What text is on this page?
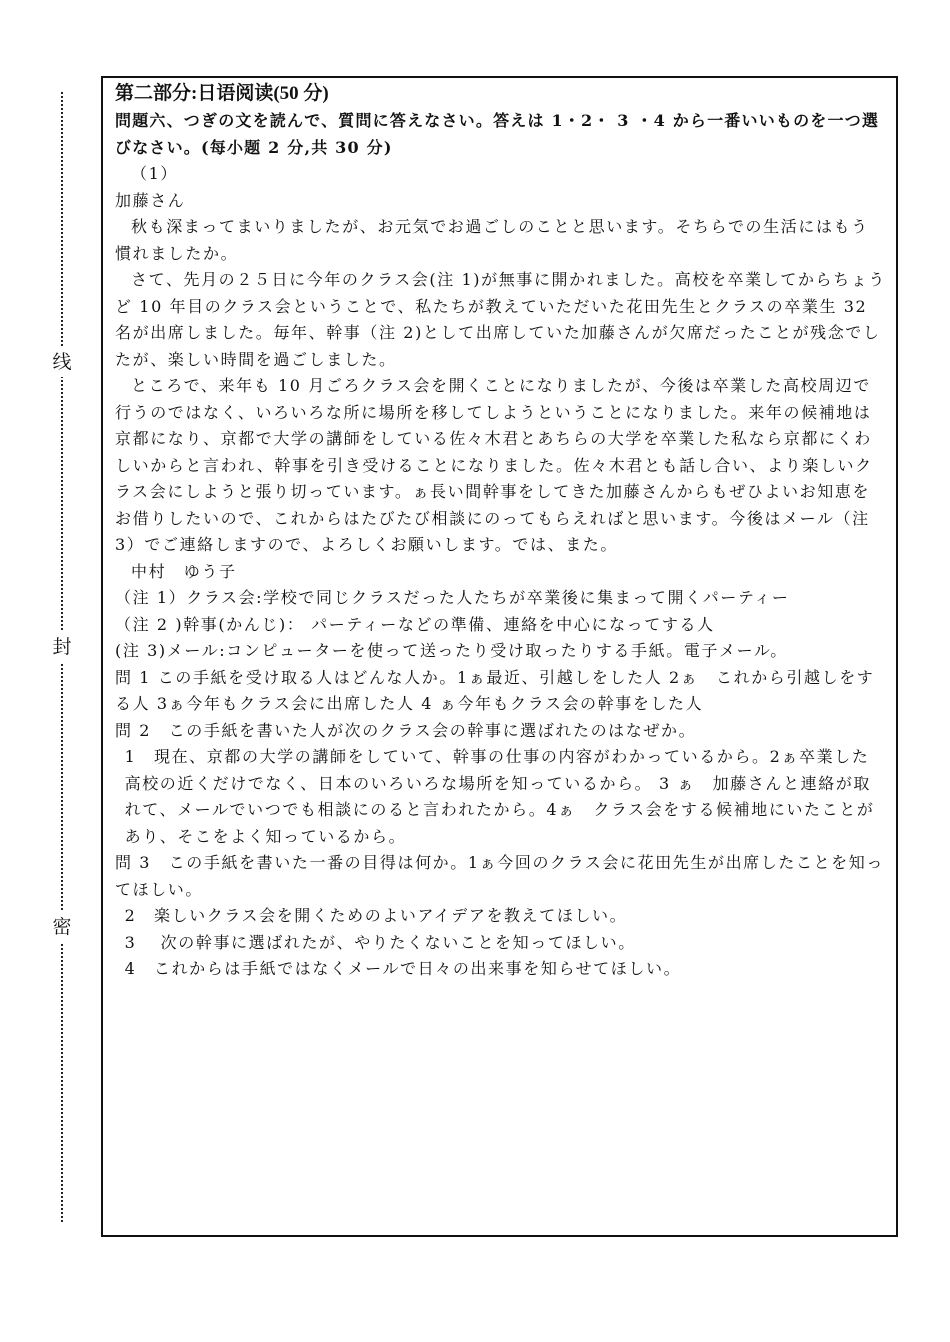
线
封
密

第二部分:日语阅读(50 分)

問題六、つぎの文を読んで、質問に答えなさい。答えは 1・2・ 3 ・4 から一番いいものを一つ選びなさい。(每小题 2 分,共 30 分)

（1）

加藤さん

秋も深まってまいりましたが、お元気でお過ごしのことと思います。そちらでの生活にはもう慣れましたか。

さて、先月の２５日に今年のクラス会(注 1)が無事に開かれました。高校を卒業してからちょうど 10 年目のクラス会ということで、私たちが教えていただいた花田先生とクラスの卒業生 32 名が出席しました。毎年、幹事（注 2)として出席していた加藤さんが欠席だったことが残念でしたが、楽しい時間を過ごしました。

ところで、来年も 10 月ごろクラス会を開くことになりましたが、今後は卒業した高校周辺で行うのではなく、いろいろな所に場所を移してしようということになりました。来年の候補地は京都になり、京都で大学の講師をしている佐々木君とあちらの大学を卒業した私なら京都にくわしいからと言われ、幹事を引き受けることになりました。佐々木君とも話し合い、より楽しいクラス会にしようと張り切っています。ぁ長い間幹事をしてきた加藤さんからもぜひよいお知恵をお借りしたいので、これからはたびたび相談にのってもらえればと思います。今後はメール（注 3）でご連絡しますので、よろしくお願いします。では、また。

中村　ゆう子

（注 1）クラス会:学校で同じクラスだった人たちが卒業後に集まって開くパーティー

（注 2 )幹事(かんじ)： パーティーなどの準備、連絡を中心になってする人

(注 3)メール:コンピューターを使って送ったり受け取ったりする手紙。電子メール。

問 1 この手紙を受け取る人はどんな人か。1ぁ最近、引越しをした人 2ぁ　これから引越しをする人 3ぁ今年もクラス会に出席した人 4 ぁ今年もクラス会の幹事をした人

問 2　この手紙を書いた人が次のクラス会の幹事に選ばれたのはなぜか。

1　現在、京都の大学の講師をしていて、幹事の仕事の内容がわかっているから。2ぁ卒業した高校の近くだけでなく、日本のいろいろな場所を知っているから。 3 ぁ　加藤さんと連絡が取れて、メールでいつでも相談にのると言われたから。4ぁ　クラス会をする候補地にいたことがあり、そこをよく知っているから。

問 3　この手紙を書いた一番の目得は何か。1ぁ今回のクラス会に花田先生が出席したことを知ってほしい。

2　楽しいクラス会を開くためのよいアイデアを教えてほしい。

3　 次の幹事に選ばれたが、やりたくないことを知ってほしい。

4　これからは手紙ではなくメールで日々の出来事を知らせてほしい。
